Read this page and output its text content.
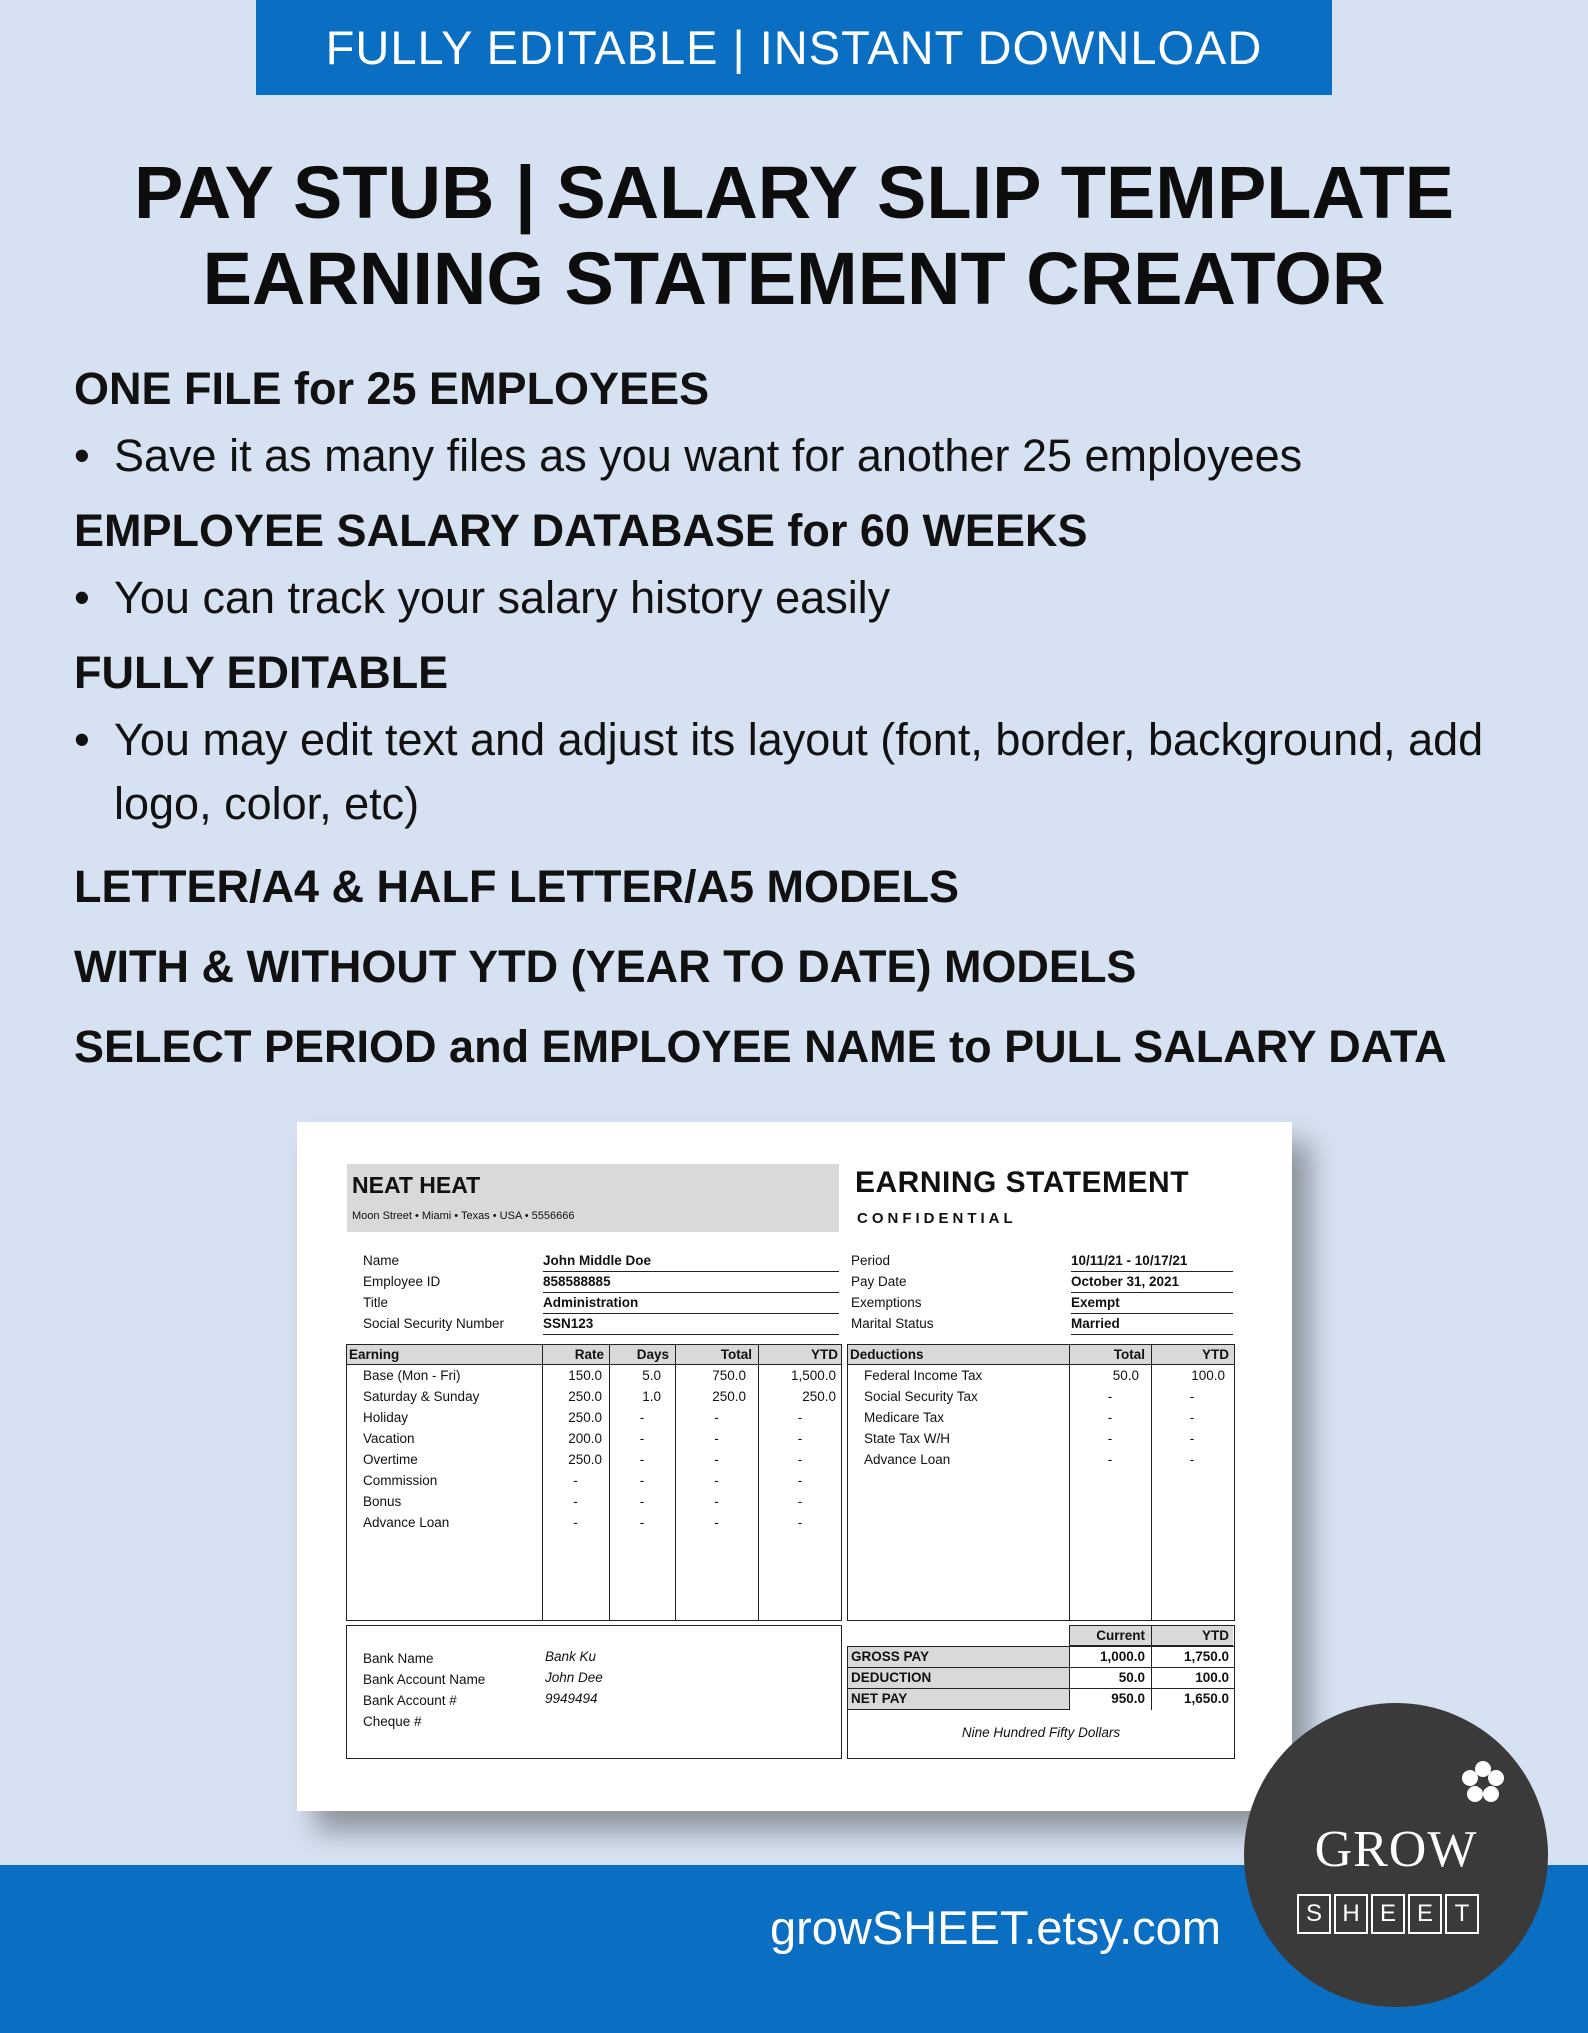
FULLY EDITABLE | INSTANT DOWNLOAD
PAY STUB | SALARY SLIP TEMPLATE
EARNING STATEMENT CREATOR
ONE FILE for 25 EMPLOYEES
• Save it as many files as you want for another 25 employees
EMPLOYEE SALARY DATABASE for 60 WEEKS
• You can track your salary history easily
FULLY EDITABLE
• You may edit text and adjust its layout (font, border, background, add logo, color, etc)
LETTER/A4 & HALF LETTER/A5 MODELS
WITH & WITHOUT YTD (YEAR TO DATE) MODELS
SELECT PERIOD and EMPLOYEE NAME to PULL SALARY DATA
NEAT HEAT
Moon Street • Miami • Texas • USA • 5556666
EARNING STATEMENT
CONFIDENTIAL
Name	John Middle Doe
Employee ID	858588885
Title	Administration
Social Security Number	SSN123
Period	10/11/21 - 10/17/21
Pay Date	October 31, 2021
Exemptions	Exempt
Marital Status	Married
Earning	Rate	Days	Total	YTD
Base (Mon - Fri)	150.0	5.0	750.0	1,500.0
Saturday & Sunday	250.0	1.0	250.0	250.0
Holiday	250.0	-	-	-
Vacation	200.0	-	-	-
Overtime	250.0	-	-	-
Commission	-	-	-	-
Bonus	-	-	-	-
Advance Loan	-	-	-	-
Deductions	Total	YTD
Federal Income Tax	50.0	100.0
Social Security Tax	-	-
Medicare Tax	-	-
State Tax W/H	-	-
Advance Loan	-	-
Bank Name	Bank Ku
Bank Account Name	John Dee
Bank Account #	9949494
Cheque #
Current	YTD
GROSS PAY	1,000.0	1,750.0
DEDUCTION	50.0	100.0
NET PAY	950.0	1,650.0
Nine Hundred Fifty Dollars
growSHEET.etsy.com
GROW
S H E E T
